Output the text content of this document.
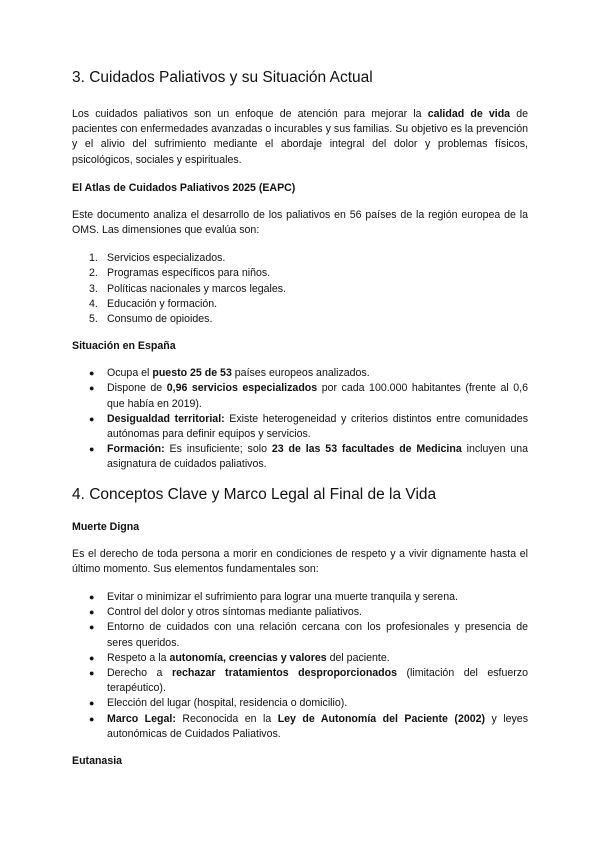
3. Cuidados Paliativos y su Situación Actual

Los cuidados paliativos son un enfoque de atención para mejorar la calidad de vida de pacientes con enfermedades avanzadas o incurables y sus familias. Su objetivo es la prevención y el alivio del sufrimiento mediante el abordaje integral del dolor y problemas físicos, psicológicos, sociales y espirituales.

El Atlas de Cuidados Paliativos 2025 (EAPC)

Este documento analiza el desarrollo de los paliativos en 56 países de la región europea de la OMS. Las dimensiones que evalúa son:

1. Servicios especializados.
2. Programas específicos para niños.
3. Políticas nacionales y marcos legales.
4. Educación y formación.
5. Consumo de opioides.
Situación en España
● Ocupa el puesto 25 de 53 países europeos analizados.
● Dispone de 0,96 servicios especializados por cada 100.000 habitantes (frente al 0,6 que había en 2019).
● Desigualdad territorial: Existe heterogeneidad y criterios distintos entre comunidades autónomas para definir equipos y servicios.
● Formación: Es insuficiente; solo 23 de las 53 facultades de Medicina incluyen una asignatura de cuidados paliativos.
4. Conceptos Clave y Marco Legal al Final de la Vida
Muerte Digna

Es el derecho de toda persona a morir en condiciones de respeto y a vivir dignamente hasta el último momento. Sus elementos fundamentales son:

● Evitar o minimizar el sufrimiento para lograr una muerte tranquila y serena.
● Control del dolor y otros síntomas mediante paliativos.
● Entorno de cuidados con una relación cercana con los profesionales y presencia de seres queridos.
● Respeto a la autonomía, creencias y valores del paciente.
● Derecho a rechazar tratamientos desproporcionados (limitación del esfuerzo terapéutico).
● Elección del lugar (hospital, residencia o domicilio).
● Marco Legal: Reconocida en la Ley de Autonomía del Paciente (2002) y leyes autonómicas de Cuidados Paliativos.
Eutanasia
